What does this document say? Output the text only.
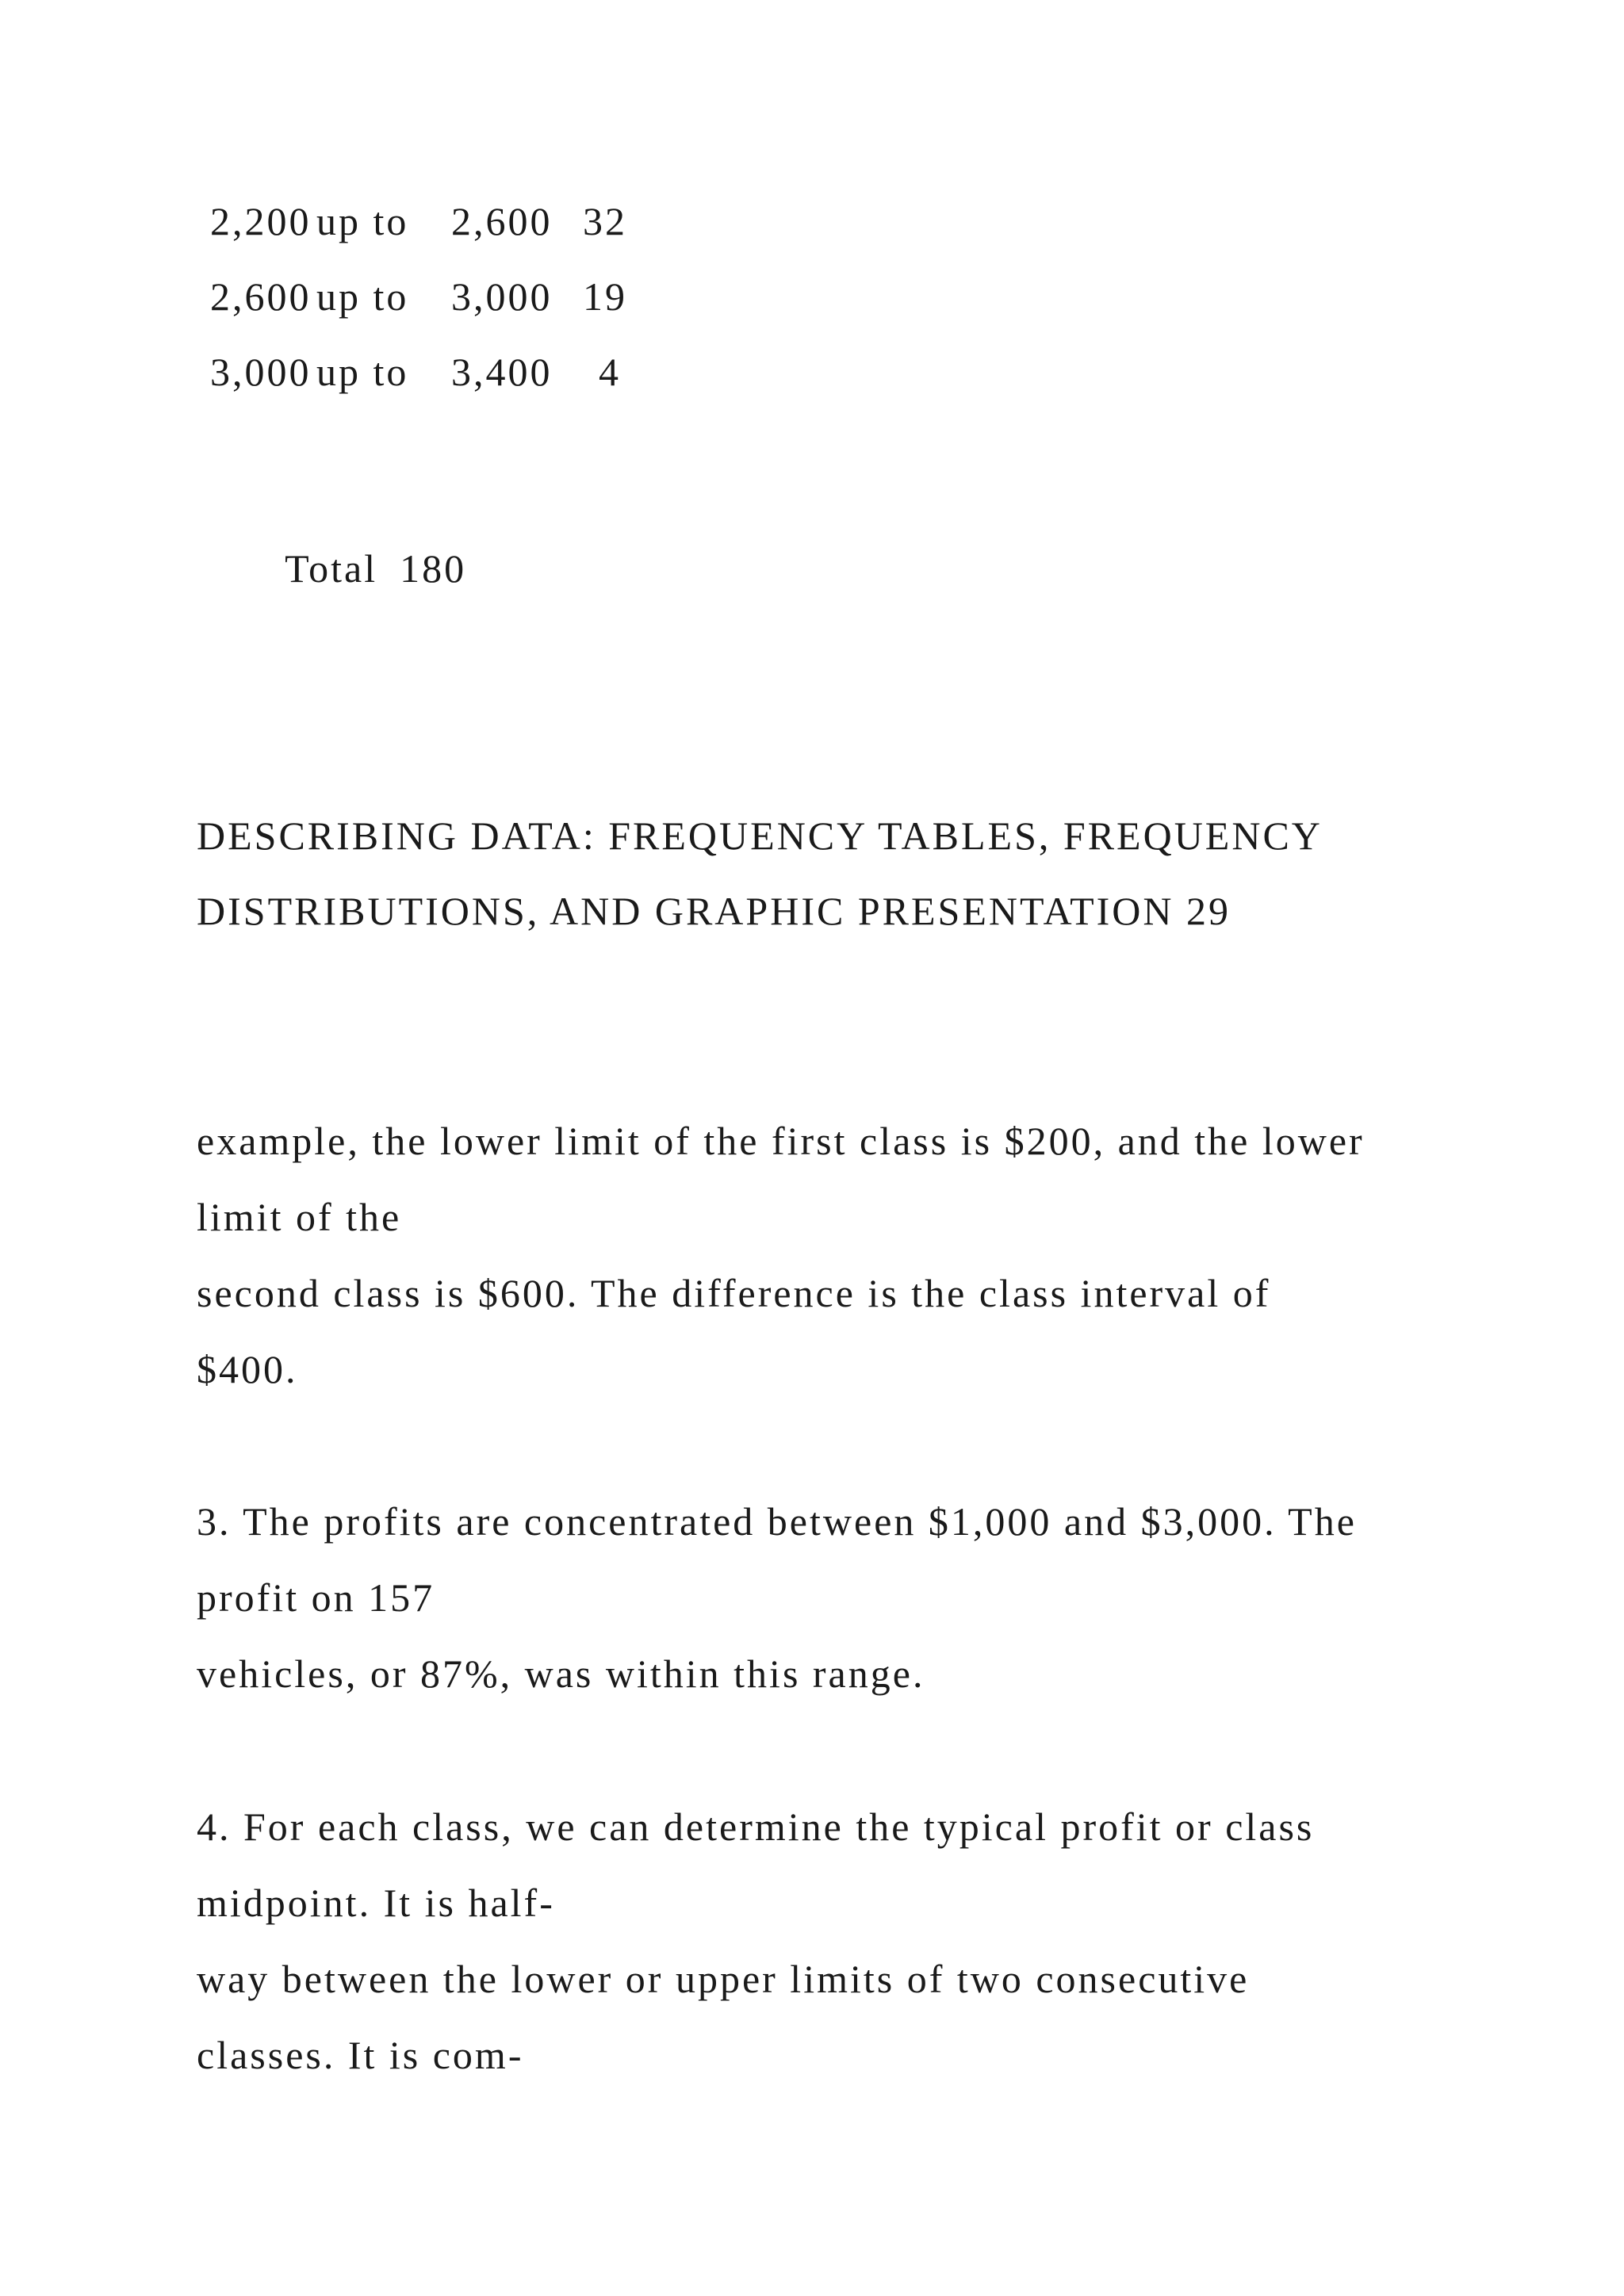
2,200

up to

2,600

32

2,600

up to

3,000

19

3,000

up to

3,400

4

Total 180

DESCRIBING DATA: FREQUENCY TABLES, FREQUENCY
DISTRIBUTIONS, AND GRAPHIC PRESENTATION 29
example, the lower limit of the first class is $200, and the lower
limit of the
second class is $600. The difference is the class interval of
$400.
3. The profits are concentrated between $1,000 and $3,000. The
profit on 157
vehicles, or 87%, was within this range.
4. For each class, we can determine the typical profit or class
midpoint. It is half-
way between the lower or upper limits of two consecutive
classes. It is com-
